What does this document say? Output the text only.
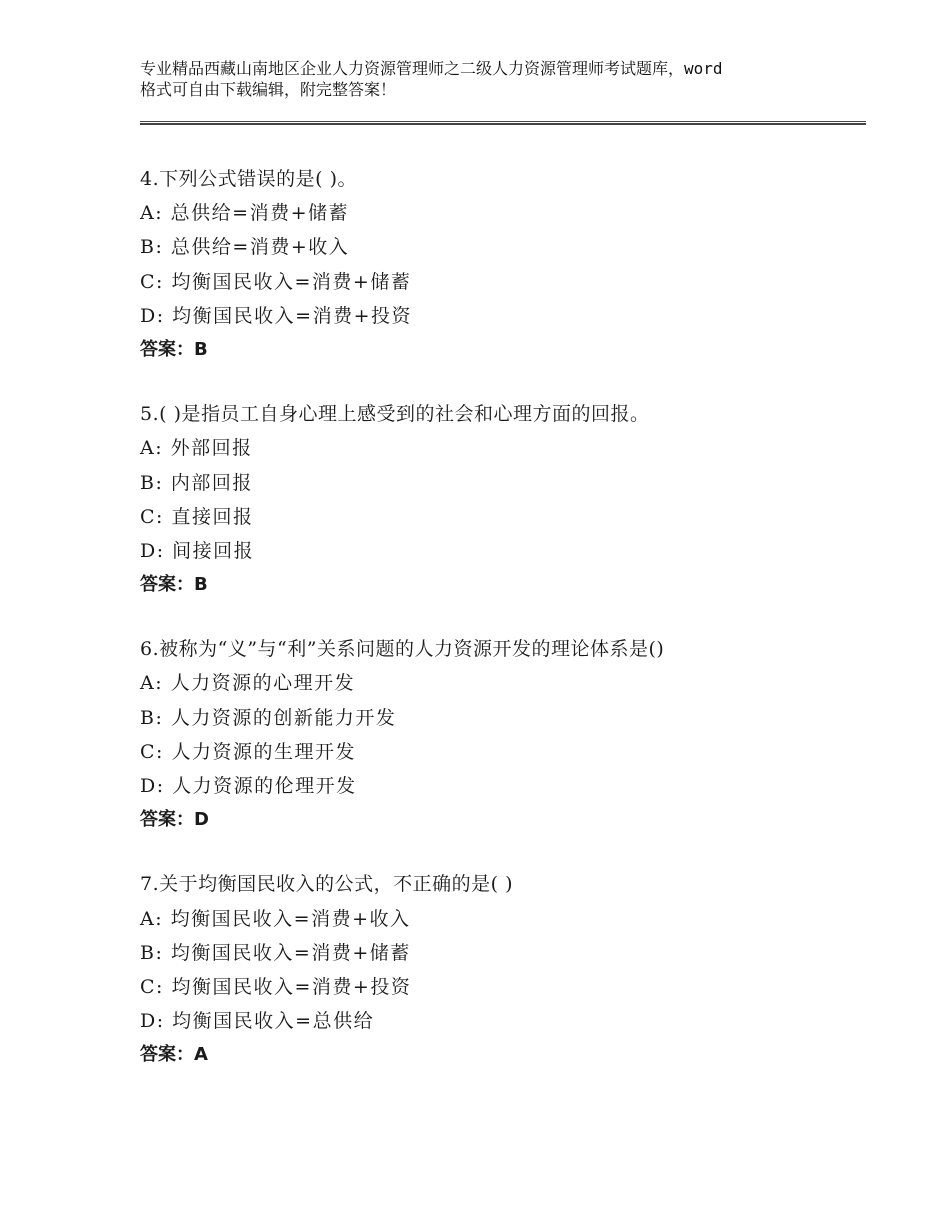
专业精品西藏山南地区企业人力资源管理师之二级人力资源管理师考试题库，word
格式可自由下载编辑，附完整答案！
4.下列公式错误的是( )。
A: 总供给=消费+储蓄
B: 总供给=消费+收入
C: 均衡国民收入=消费+储蓄
D: 均衡国民收入=消费+投资
答案：B
5.( )是指员工自身心理上感受到的社会和心理方面的回报。
A: 外部回报
B: 内部回报
C: 直接回报
D: 间接回报
答案：B
6.被称为“义”与“利”关系问题的人力资源开发的理论体系是()
A: 人力资源的心理开发
B: 人力资源的创新能力开发
C: 人力资源的生理开发
D: 人力资源的伦理开发
答案：D
7.关于均衡国民收入的公式，不正确的是( )
A: 均衡国民收入=消费+收入
B: 均衡国民收入=消费+储蓄
C: 均衡国民收入=消费+投资
D: 均衡国民收入=总供给
答案：A
